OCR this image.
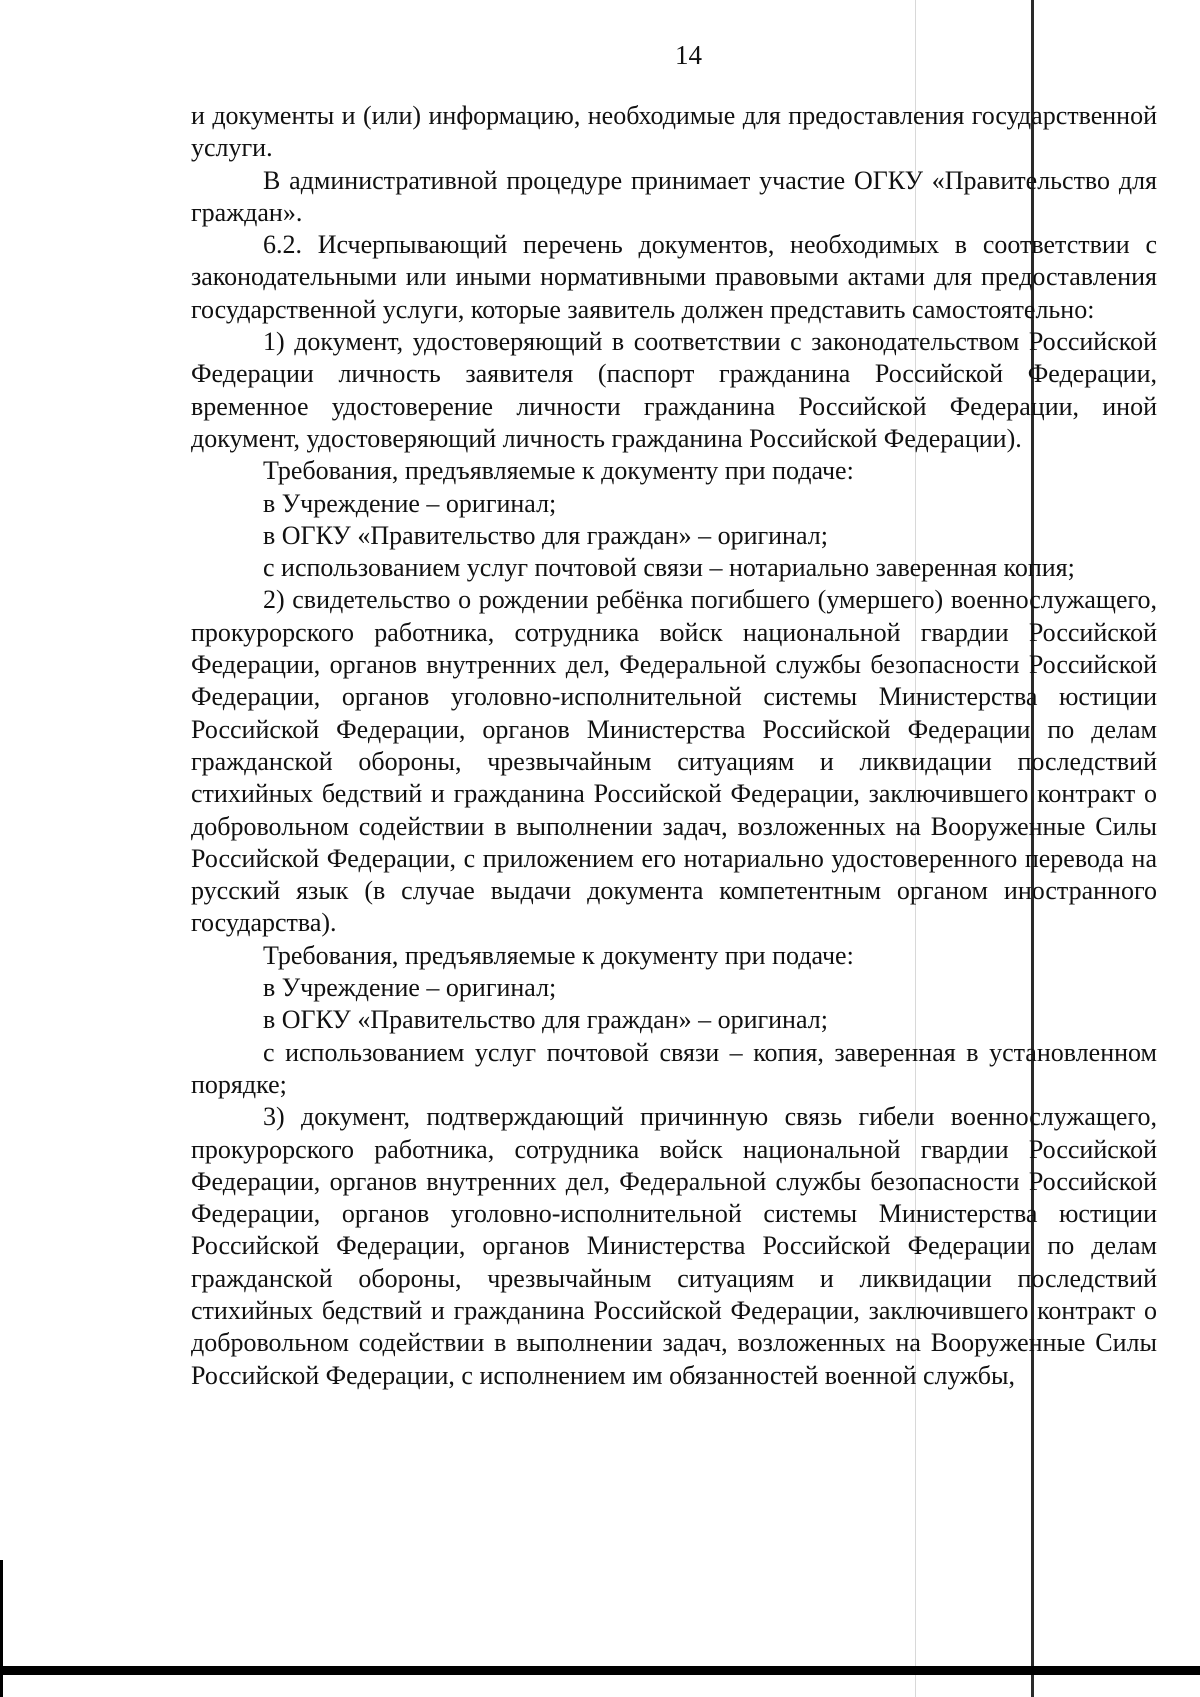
14

и документы и (или) информацию, необходимые для предоставления государственной услуги.

В административной процедуре принимает участие ОГКУ «Правительство для граждан».

6.2. Исчерпывающий перечень документов, необходимых в соответствии с законодательными или иными нормативными правовыми актами для предоставления государственной услуги, которые заявитель должен представить самостоятельно:

1) документ, удостоверяющий в соответствии с законодательством Российской Федерации личность заявителя (паспорт гражданина Российской Федерации, временное удостоверение личности гражданина Российской Федерации, иной документ, удостоверяющий личность гражданина Российской Федерации).

Требования, предъявляемые к документу при подаче:

в Учреждение – оригинал;

в ОГКУ «Правительство для граждан» – оригинал;

с использованием услуг почтовой связи – нотариально заверенная копия;

2) свидетельство о рождении ребёнка погибшего (умершего) военнослужащего, прокурорского работника, сотрудника войск национальной гвардии Российской Федерации, органов внутренних дел, Федеральной службы безопасности Российской Федерации, органов уголовно-исполнительной системы Министерства юстиции Российской Федерации, органов Министерства Российской Федерации по делам гражданской обороны, чрезвычайным ситуациям и ликвидации последствий стихийных бедствий и гражданина Российской Федерации, заключившего контракт о добровольном содействии в выполнении задач, возложенных на Вооруженные Силы Российской Федерации, с приложением его нотариально удостоверенного перевода на русский язык (в случае выдачи документа компетентным органом иностранного государства).

Требования, предъявляемые к документу при подаче:

в Учреждение – оригинал;

в ОГКУ «Правительство для граждан» – оригинал;

с использованием услуг почтовой связи – копия, заверенная в установленном порядке;

3) документ, подтверждающий причинную связь гибели военнослужащего, прокурорского работника, сотрудника войск национальной гвардии Российской Федерации, органов внутренних дел, Федеральной службы безопасности Российской Федерации, органов уголовно-исполнительной системы Министерства юстиции Российской Федерации, органов Министерства Российской Федерации по делам гражданской обороны, чрезвычайным ситуациям и ликвидации последствий стихийных бедствий и гражданина Российской Федерации, заключившего контракт о добровольном содействии в выполнении задач, возложенных на Вооруженные Силы Российской Федерации, с исполнением им обязанностей военной службы,
